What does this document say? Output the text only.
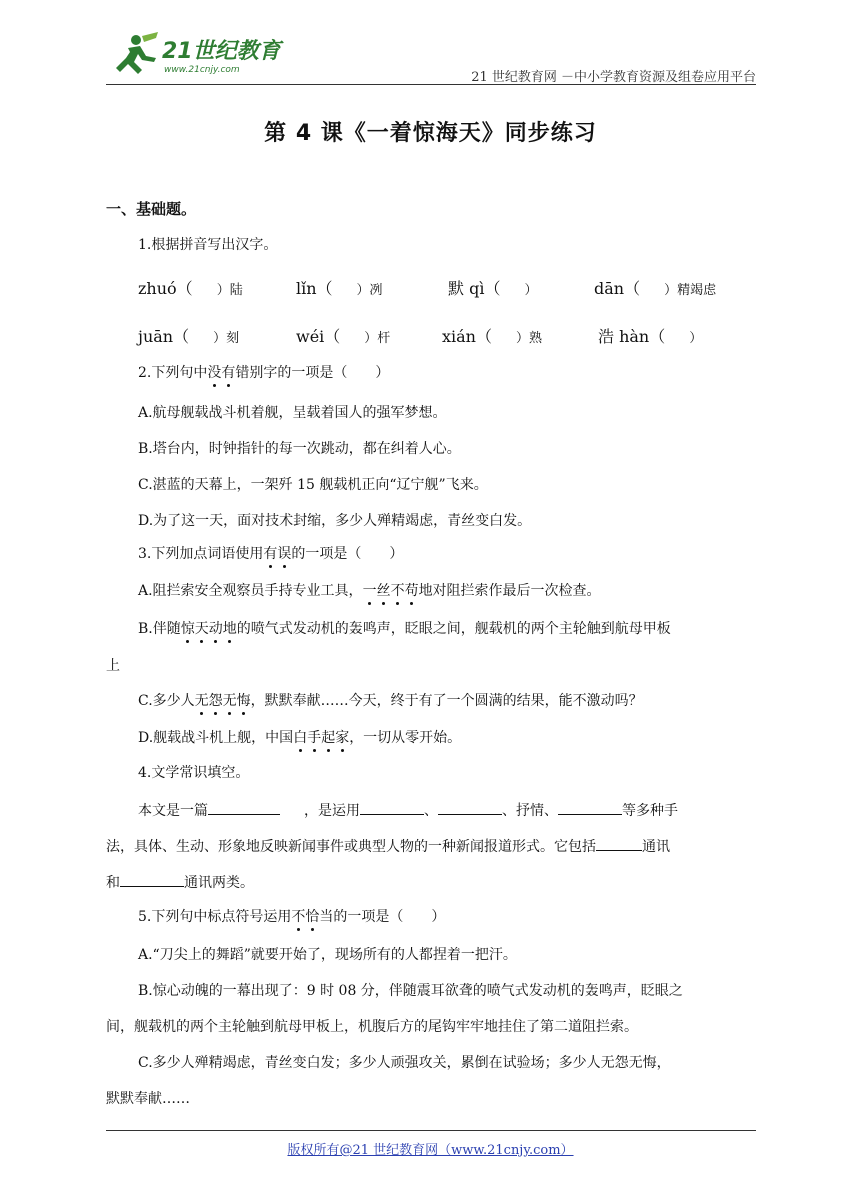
21世纪教育
www.21cnjy.com	21 世纪教育网 －中小学教育资源及组卷应用平台
第 4 课《一着惊海天》同步练习
一、基础题。
1.根据拼音写出汉字。
zhuó（ ）陆	lǐn（ ）冽	默 qì（ ）	dān（ ）精竭虑
juān（ ）刻	wéi（ ）杆	xián（ ）熟	浩 hàn（ ）
2.下列句中没有错别字的一项是（　　）
A.航母舰载战斗机着舰，呈载着国人的强军梦想。
B.塔台内，时钟指针的每一次跳动，都在纠着人心。
C.湛蓝的天幕上，一架歼 15 舰载机正向“辽宁舰”飞来。
D.为了这一天，面对技术封缩，多少人殚精竭虑，青丝变白发。
3.下列加点词语使用有误的一项是（　　）
A.阻拦索安全观察员手持专业工具，一丝不苟地对阻拦索作最后一次检查。
B.伴随惊天动地的喷气式发动机的轰鸣声，眨眼之间，舰载机的两个主轮触到航母甲板
上
C.多少人无怨无悔，默默奉献……今天，终于有了一个圆满的结果，能不激动吗？
D.舰载战斗机上舰，中国白手起家，一切从零开始。
4.文学常识填空。
本文是一篇	，是运用	、	、抒情、	等多种手
法，具体、生动、形象地反映新闻事件或典型人物的一种新闻报道形式。它包括	通讯
和	通讯两类。
5.下列句中标点符号运用不恰当的一项是（　　）
A.“刀尖上的舞蹈”就要开始了，现场所有的人都捏着一把汗。
B.惊心动魄的一幕出现了：9 时 08 分，伴随震耳欲聋的喷气式发动机的轰鸣声，眨眼之
间，舰载机的两个主轮触到航母甲板上，机腹后方的尾钩牢牢地挂住了第二道阻拦索。
C.多少人殚精竭虑，青丝变白发；多少人顽强攻关，累倒在试验场；多少人无怨无悔，
默默奉献……
版权所有@21 世纪教育网（www.21cnjy.com）
